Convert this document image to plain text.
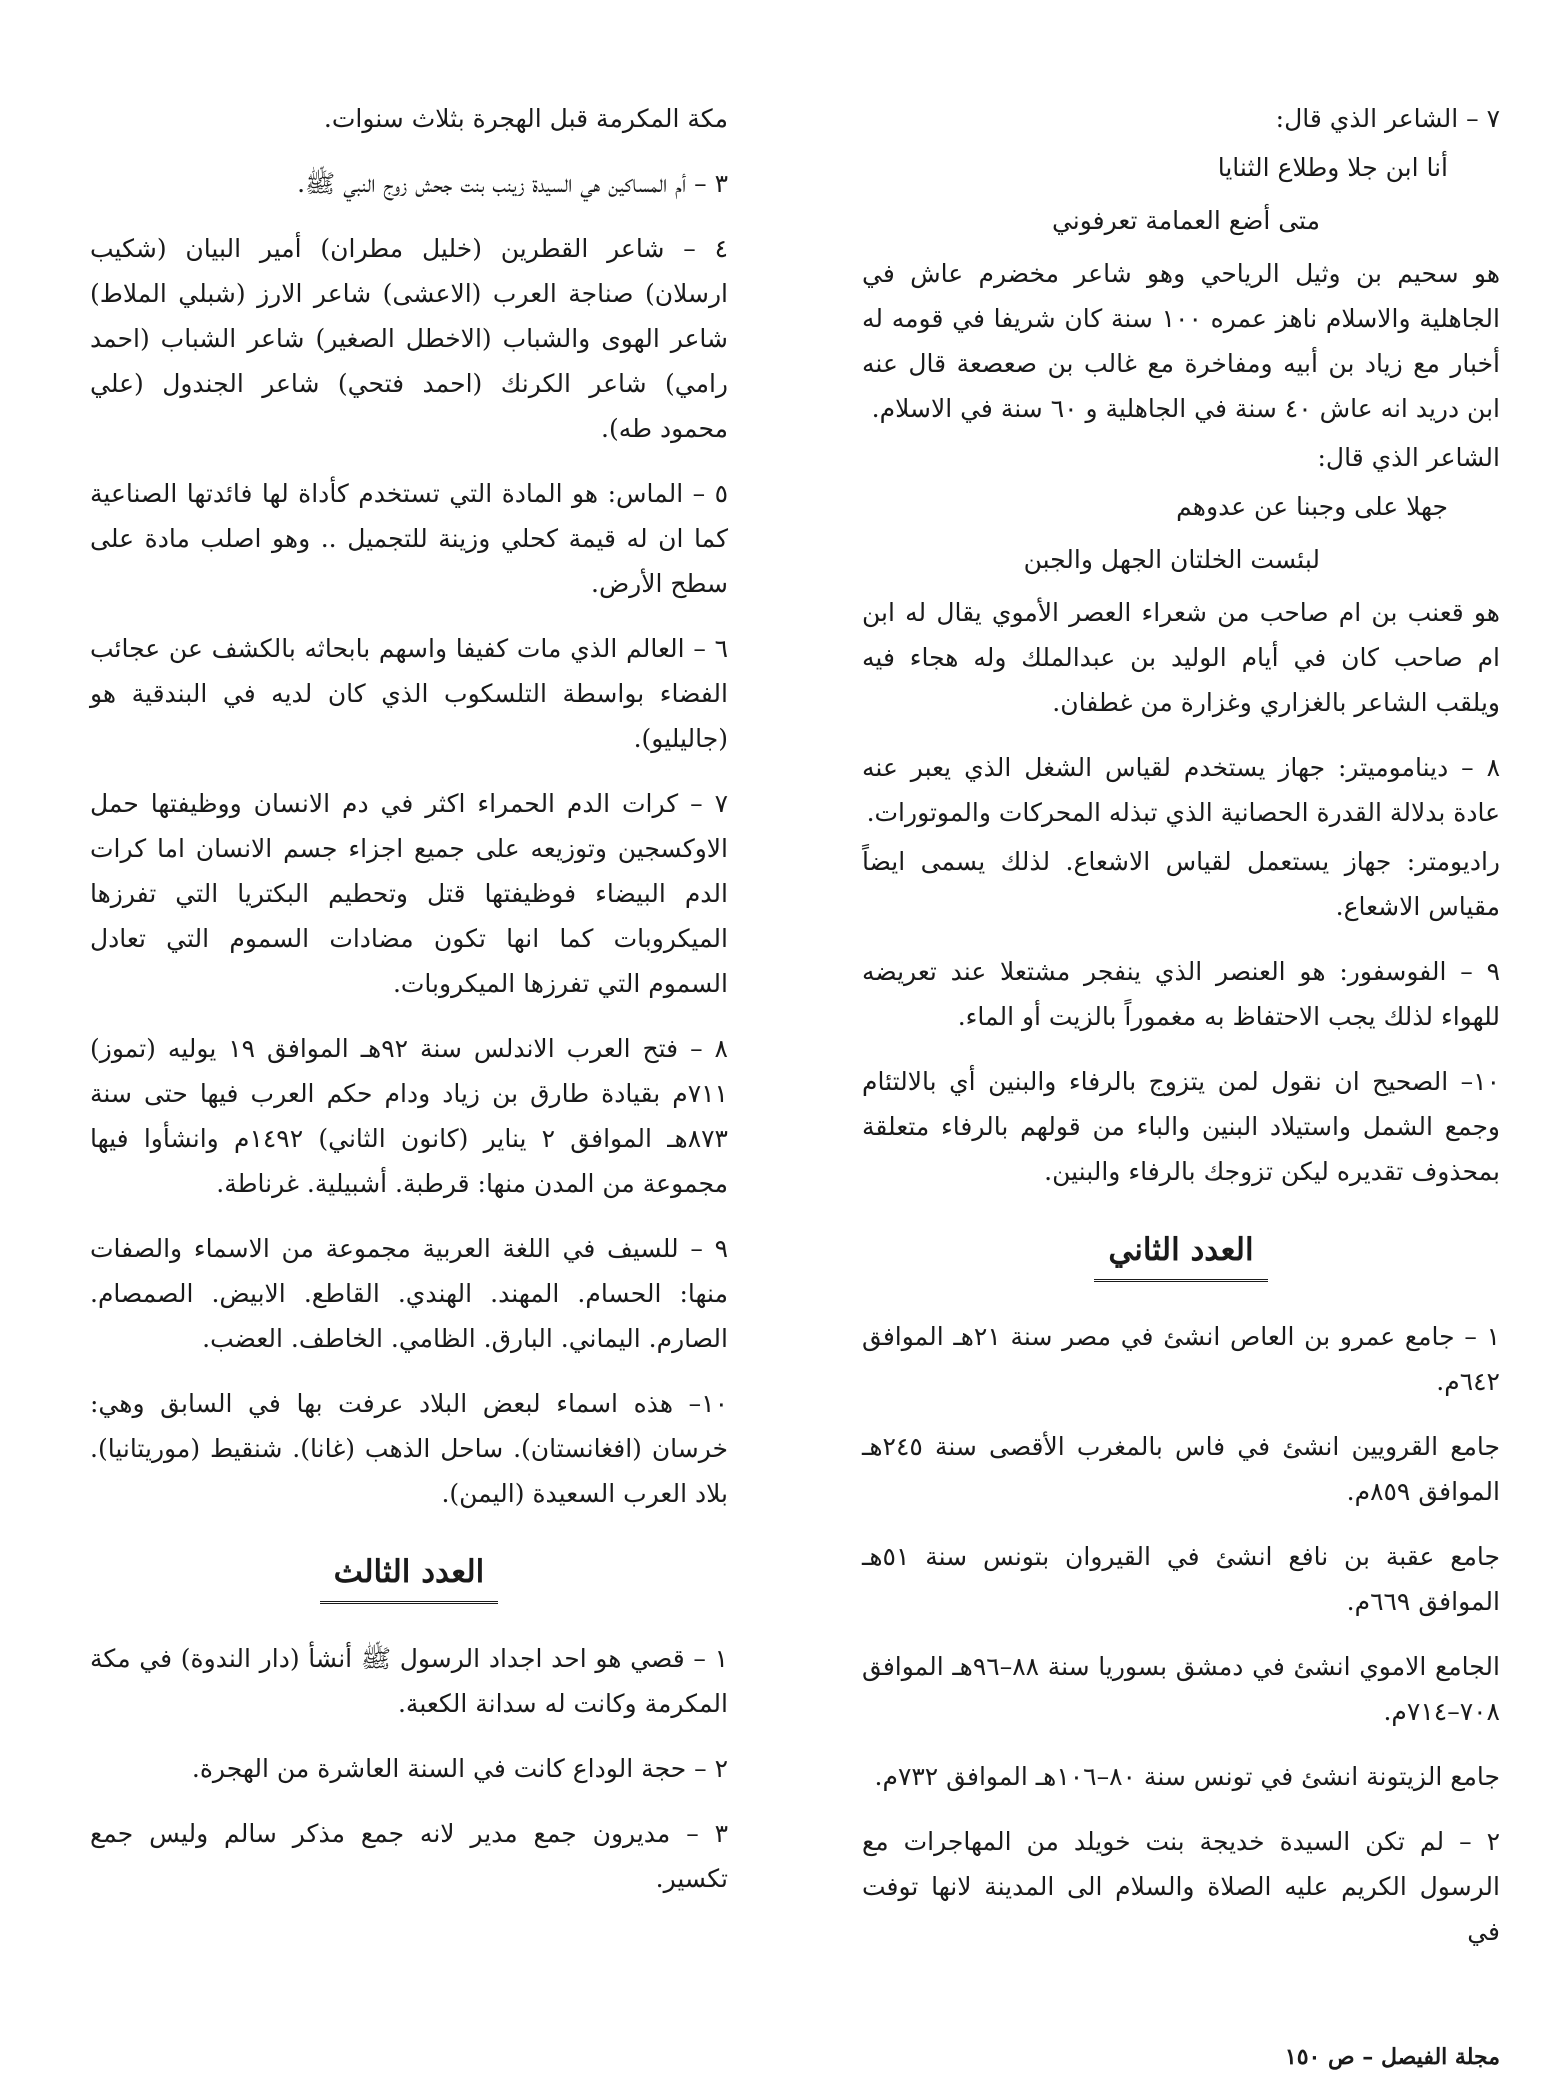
٧ – الشاعر الذي قال:

أنا ابن جلا وطلاع الثنايا

متى أضع العمامة تعرفوني

هو سحيم بن وثيل الرياحي وهو شاعر مخضرم عاش في الجاهلية والاسلام ناهز عمره ١٠٠ سنة كان شريفا في قومه له أخبار مع زياد بن أبيه ومفاخرة مع غالب بن صعصعة قال عنه ابن دريد انه عاش ٤٠ سنة في الجاهلية و ٦٠ سنة في الاسلام.

الشاعر الذي قال:

جهلا على وجبنا عن عدوهم

لبئست الخلتان الجهل والجبن

هو قعنب بن ام صاحب من شعراء العصر الأموي يقال له ابن ام صاحب كان في أيام الوليد بن عبدالملك وله هجاء فيه ويلقب الشاعر بالغزاري وغزارة من غطفان.

٨ – ديناموميتر: جهاز يستخدم لقياس الشغل الذي يعبر عنه عادة بدلالة القدرة الحصانية الذي تبذله المحركات والموتورات.

راديومتر: جهاز يستعمل لقياس الاشعاع. لذلك يسمى ايضاً مقياس الاشعاع.

٩ – الفوسفور: هو العنصر الذي ينفجر مشتعلا عند تعريضه للهواء لذلك يجب الاحتفاظ به مغموراً بالزيت أو الماء.

١٠– الصحيح ان نقول لمن يتزوج بالرفاء والبنين أي بالالتئام وجمع الشمل واستيلاد البنين والباء من قولهم بالرفاء متعلقة بمحذوف تقديره ليكن تزوجك بالرفاء والبنين.

العدد الثاني

١ – جامع عمرو بن العاص انشئ في مصر سنة ٢١هـ الموافق ٦٤٢م.

جامع القرويين انشئ في فاس بالمغرب الأقصى سنة ٢٤٥هـ الموافق ٨٥٩م.

جامع عقبة بن نافع انشئ في القيروان بتونس سنة ٥١هـ الموافق ٦٦٩م.

الجامع الاموي انشئ في دمشق بسوريا سنة ٨٨–٩٦هـ الموافق ٧٠٨–٧١٤م.

جامع الزيتونة انشئ في تونس سنة ٨٠–١٠٦هـ الموافق ٧٣٢م.

٢ – لم تكن السيدة خديجة بنت خويلد من المهاجرات مع الرسول الكريم عليه الصلاة والسلام الى المدينة لانها توفت في

مكة المكرمة قبل الهجرة بثلاث سنوات.

٣ – أم المساكين هي السيدة زينب بنت جحش زوج النبي ﷺ.

٤ – شاعر القطرين (خليل مطران) أمير البيان (شكيب ارسلان) صناجة العرب (الاعشى) شاعر الارز (شبلي الملاط) شاعر الهوى والشباب (الاخطل الصغير) شاعر الشباب (احمد رامي) شاعر الكرنك (احمد فتحي) شاعر الجندول (علي محمود طه).

٥ – الماس: هو المادة التي تستخدم كأداة لها فائدتها الصناعية كما ان له قيمة كحلي وزينة للتجميل .. وهو اصلب مادة على سطح الأرض.

٦ – العالم الذي مات كفيفا واسهم بابحاثه بالكشف عن عجائب الفضاء بواسطة التلسكوب الذي كان لديه في البندقية هو (جاليليو).

٧ – كرات الدم الحمراء اكثر في دم الانسان ووظيفتها حمل الاوكسجين وتوزيعه على جميع اجزاء جسم الانسان اما كرات الدم البيضاء فوظيفتها قتل وتحطيم البكتريا التي تفرزها الميكروبات كما انها تكون مضادات السموم التي تعادل السموم التي تفرزها الميكروبات.

٨ – فتح العرب الاندلس سنة ٩٢هـ الموافق ١٩ يوليه (تموز) ٧١١م بقيادة طارق بن زياد ودام حكم العرب فيها حتى سنة ٨٧٣هـ الموافق ٢ يناير (كانون الثاني) ١٤٩٢م وانشأوا فيها مجموعة من المدن منها: قرطبة. أشبيلية. غرناطة.

٩ – للسيف في اللغة العربية مجموعة من الاسماء والصفات منها: الحسام. المهند. الهندي. القاطع. الابيض. الصمصام. الصارم. اليماني. البارق. الظامي. الخاطف. العضب.

١٠– هذه اسماء لبعض البلاد عرفت بها في السابق وهي: خرسان (افغانستان). ساحل الذهب (غانا). شنقيط (موريتانيا). بلاد العرب السعيدة (اليمن).

العدد الثالث

١ – قصي هو احد اجداد الرسول ﷺ أنشأ (دار الندوة) في مكة المكرمة وكانت له سدانة الكعبة.

٢ – حجة الوداع كانت في السنة العاشرة من الهجرة.

٣ – مديرون جمع مدير لانه جمع مذكر سالم وليس جمع تكسير.

مجلة الفيصل – ص ١٥٠
